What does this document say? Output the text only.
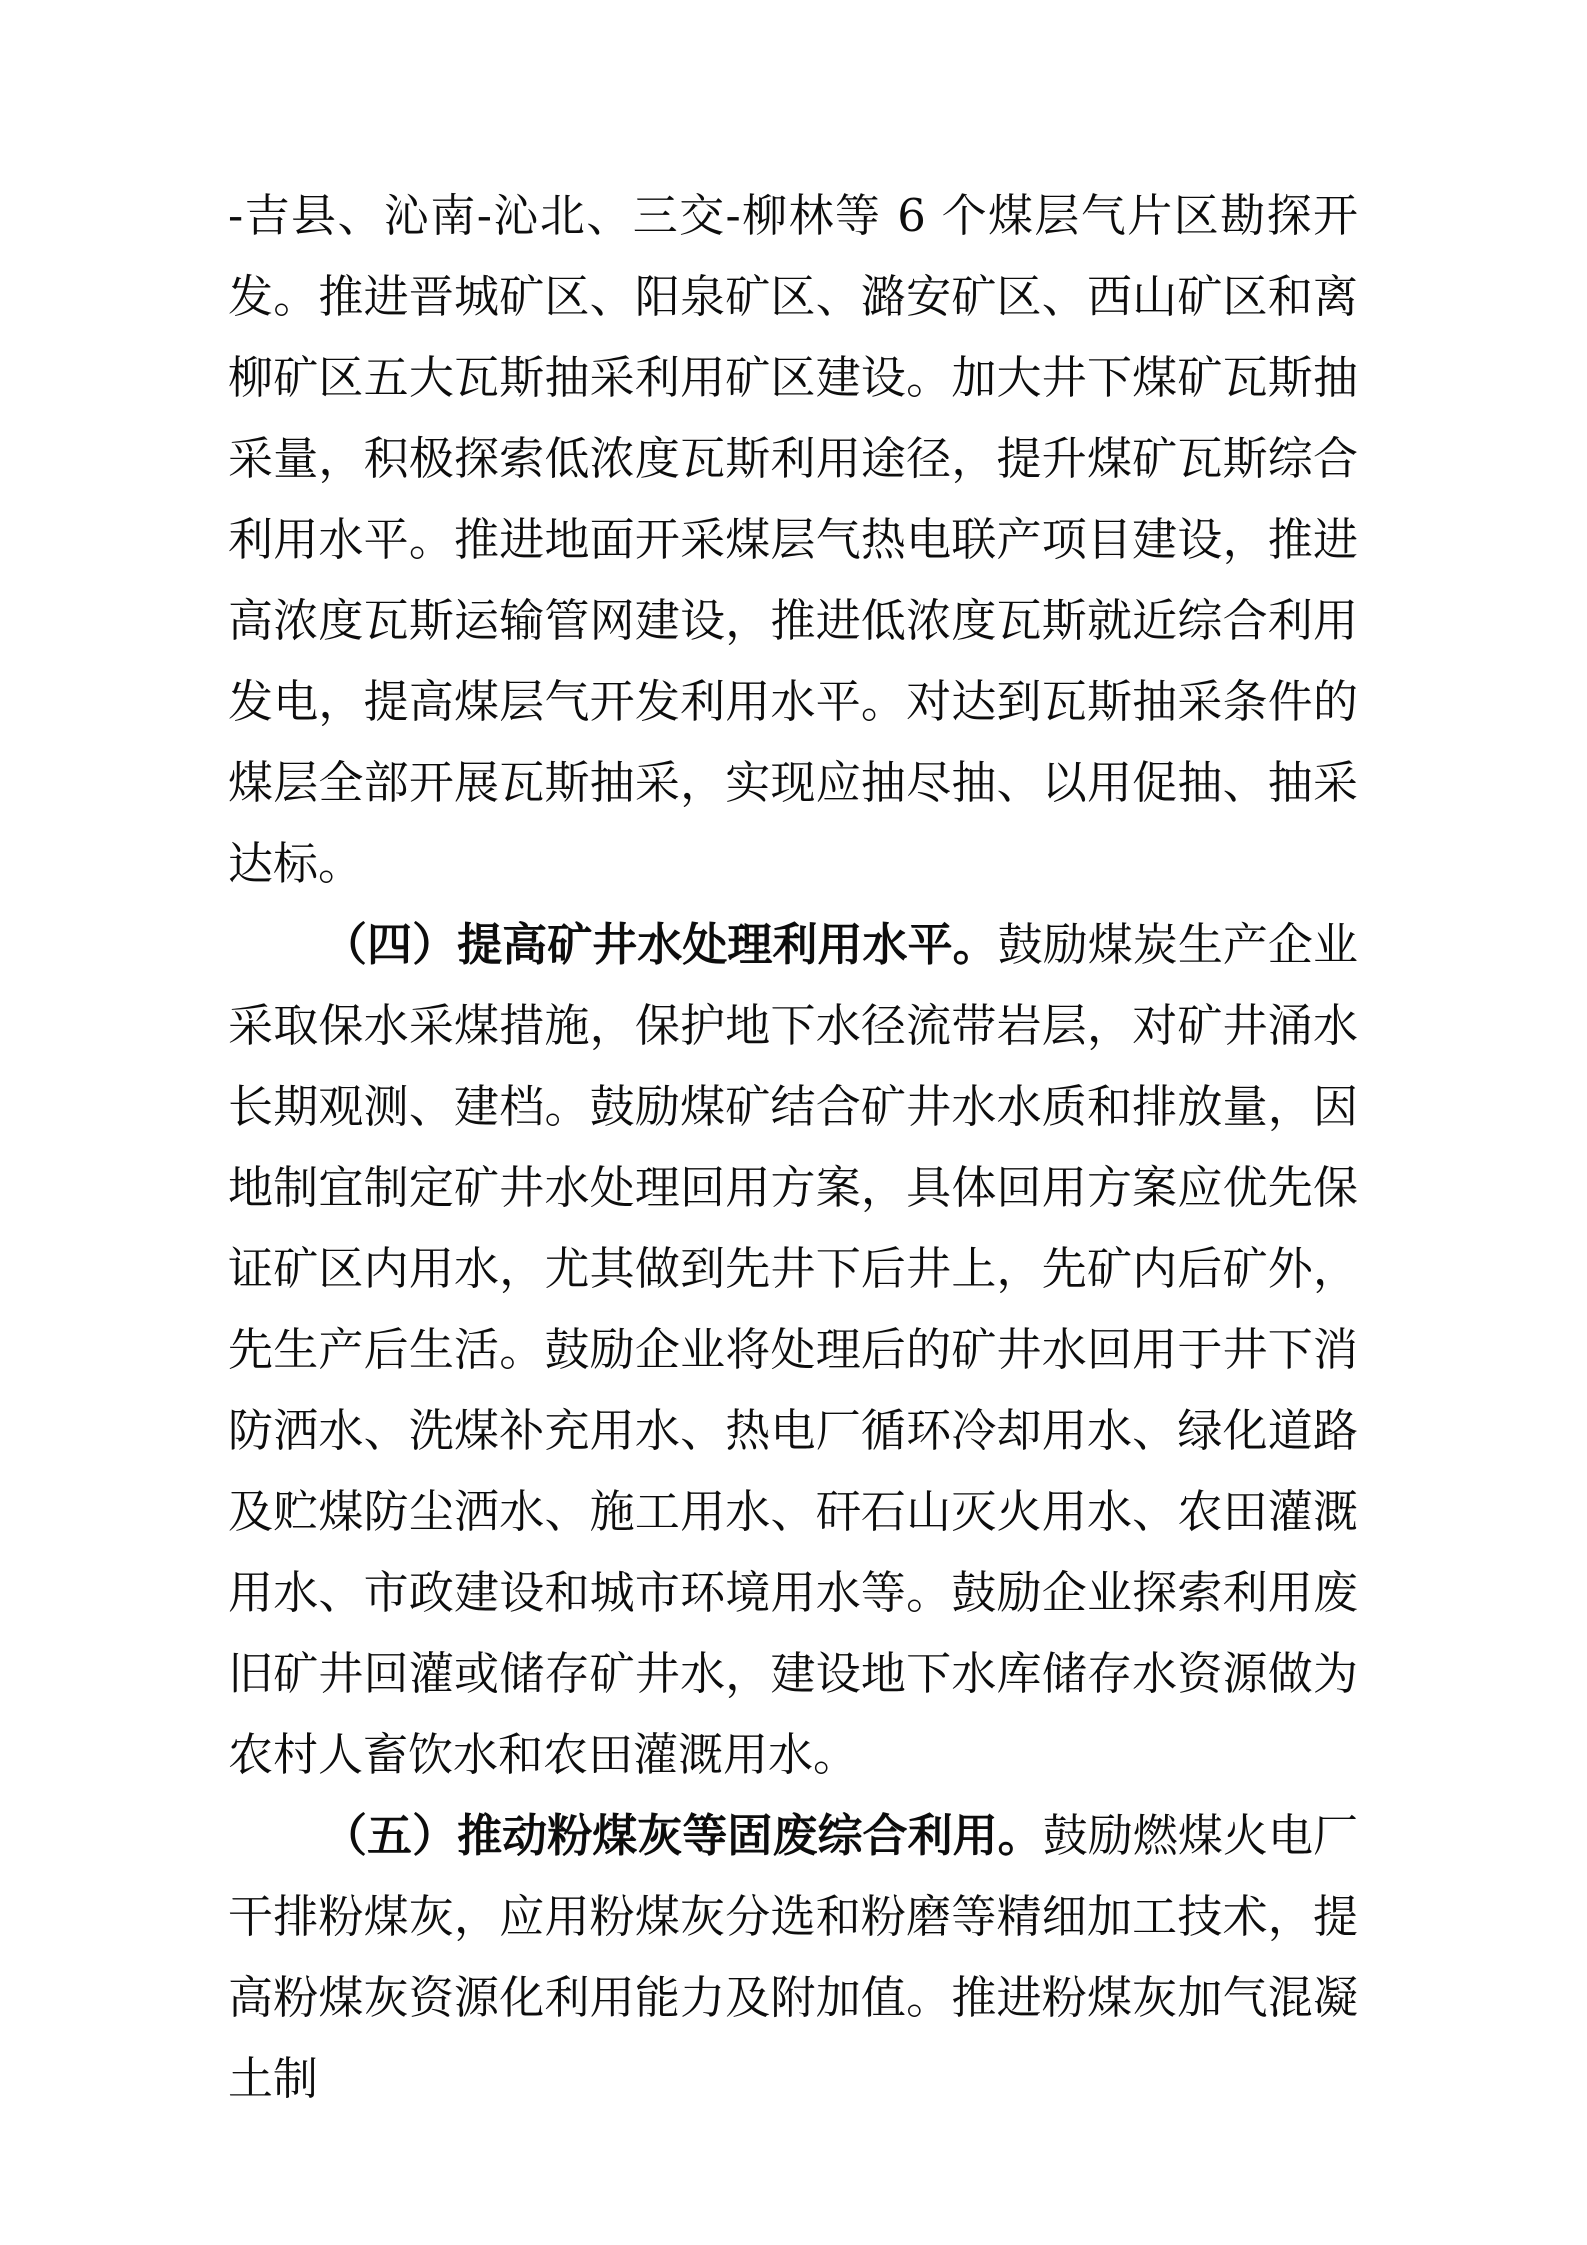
-吉县、沁南-沁北、三交-柳林等 6 个煤层气片区勘探开发。推进晋城矿区、阳泉矿区、潞安矿区、西山矿区和离柳矿区五大瓦斯抽采利用矿区建设。加大井下煤矿瓦斯抽采量，积极探索低浓度瓦斯利用途径，提升煤矿瓦斯综合利用水平。推进地面开采煤层气热电联产项目建设，推进高浓度瓦斯运输管网建设，推进低浓度瓦斯就近综合利用发电，提高煤层气开发利用水平。对达到瓦斯抽采条件的煤层全部开展瓦斯抽采，实现应抽尽抽、以用促抽、抽采达标。

（四）提高矿井水处理利用水平。鼓励煤炭生产企业采取保水采煤措施，保护地下水径流带岩层，对矿井涌水长期观测、建档。鼓励煤矿结合矿井水水质和排放量，因地制宜制定矿井水处理回用方案，具体回用方案应优先保证矿区内用水，尤其做到先井下后井上，先矿内后矿外，先生产后生活。鼓励企业将处理后的矿井水回用于井下消防洒水、洗煤补充用水、热电厂循环冷却用水、绿化道路及贮煤防尘洒水、施工用水、矸石山灭火用水、农田灌溉用水、市政建设和城市环境用水等。鼓励企业探索利用废旧矿井回灌或储存矿井水，建设地下水库储存水资源做为农村人畜饮水和农田灌溉用水。

（五）推动粉煤灰等固废综合利用。鼓励燃煤火电厂干排粉煤灰，应用粉煤灰分选和粉磨等精细加工技术，提高粉煤灰资源化利用能力及附加值。推进粉煤灰加气混凝土制
